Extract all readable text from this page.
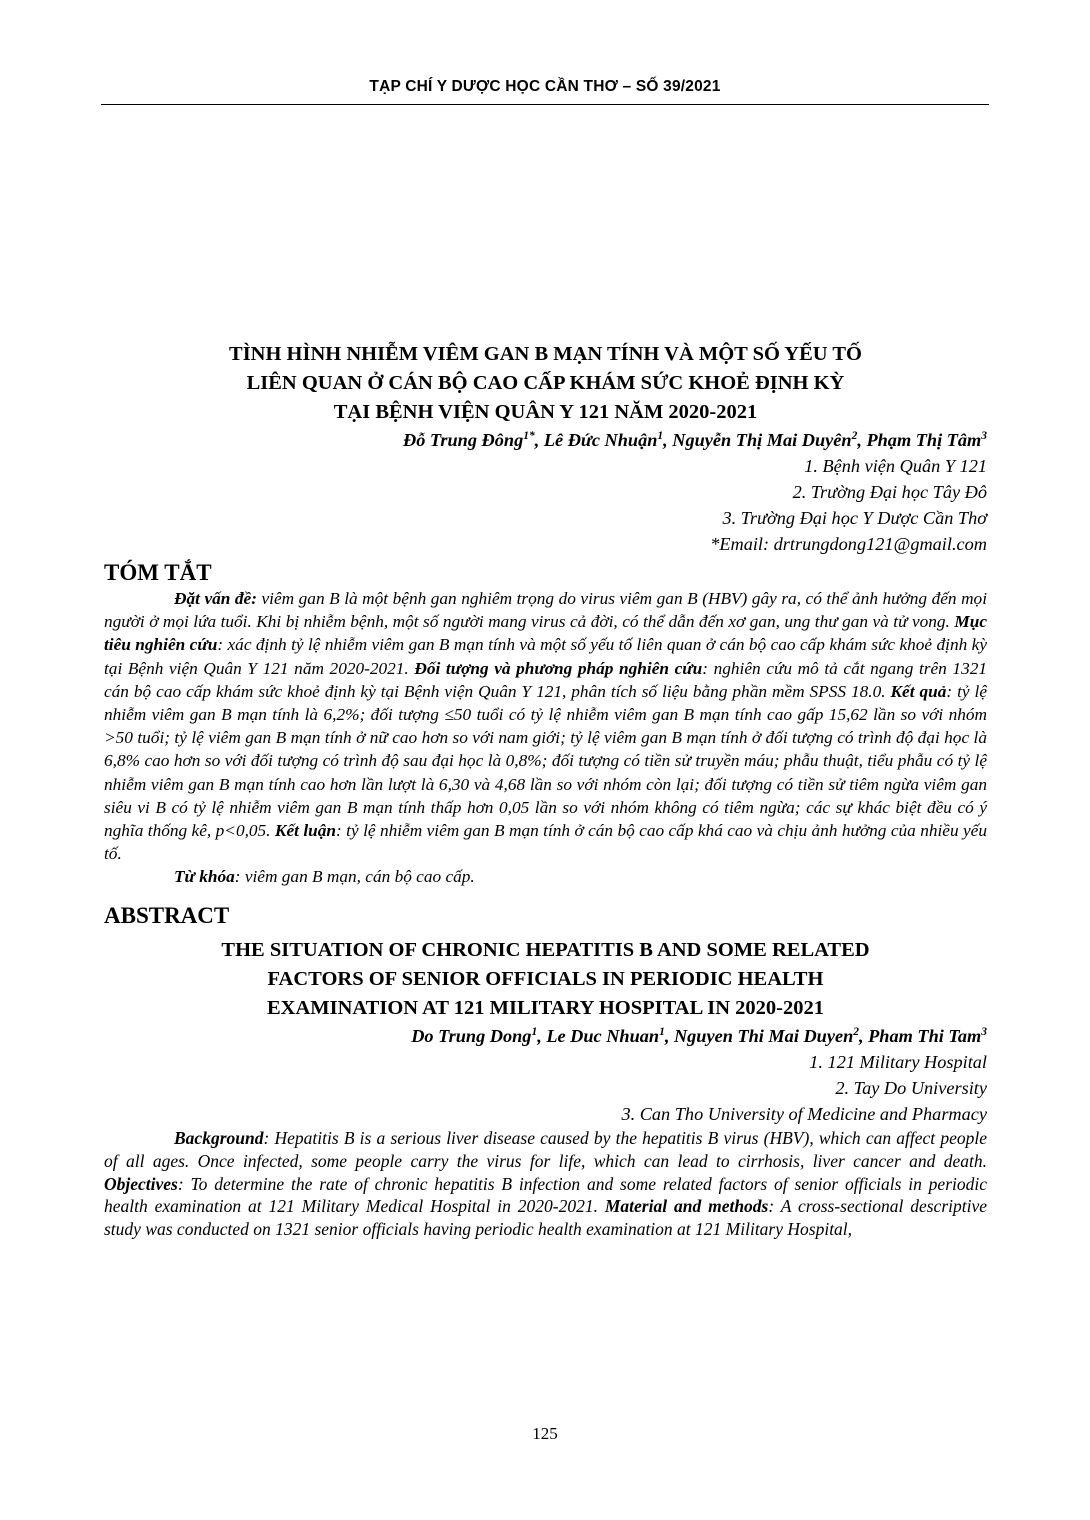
TẠP CHÍ Y DƯỢC HỌC CẦN THƠ – SỐ 39/2021
TÌNH HÌNH NHIỄM VIÊM GAN B MẠN TÍNH VÀ MỘT SỐ YẾU TỐ
LIÊN QUAN Ở CÁN BỘ CAO CẤP KHÁM SỨC KHOẺ ĐỊNH KỲ
TẠI BỆNH VIỆN QUÂN Y 121 NĂM 2020-2021
Đỗ Trung Đông$^{1*}$, Lê Đức Nhuận$^1$, Nguyễn Thị Mai Duyên$^2$, Phạm Thị Tâm$^3$
1. Bệnh viện Quân Y 121
2. Trường Đại học Tây Đô
3. Trường Đại học Y Dược Cần Thơ
*Email: drtrungdong121@gmail.com
TÓM TẮT

Đặt vấn đề: viêm gan B là một bệnh gan nghiêm trọng do virus viêm gan B (HBV) gây ra, có thể ảnh hưởng đến mọi người ở mọi lứa tuổi. Khi bị nhiễm bệnh, một số người mang virus cả đời, có thể dẫn đến xơ gan, ung thư gan và tử vong. Mục tiêu nghiên cứu: xác định tỷ lệ nhiễm viêm gan B mạn tính và một số yếu tố liên quan ở cán bộ cao cấp khám sức khoẻ định kỳ tại Bệnh viện Quân Y 121 năm 2020-2021. Đối tượng và phương pháp nghiên cứu: nghiên cứu mô tả cắt ngang trên 1321 cán bộ cao cấp khám sức khoẻ định kỳ tại Bệnh viện Quân Y 121, phân tích số liệu bằng phần mềm SPSS 18.0. Kết quả: tỷ lệ nhiễm viêm gan B mạn tính là 6,2%; đối tượng ≤50 tuổi có tỷ lệ nhiễm viêm gan B mạn tính cao gấp 15,62 lần so với nhóm >50 tuổi; tỷ lệ viêm gan B mạn tính ở nữ cao hơn so với nam giới; tỷ lệ viêm gan B mạn tính ở đối tượng có trình độ đại học là 6,8% cao hơn so với đối tượng có trình độ sau đại học là 0,8%; đối tượng có tiền sử truyền máu; phẫu thuật, tiểu phẫu có tỷ lệ nhiễm viêm gan B mạn tính cao hơn lần lượt là 6,30 và 4,68 lần so với nhóm còn lại; đối tượng có tiền sử tiêm ngừa viêm gan siêu vi B có tỷ lệ nhiễm viêm gan B mạn tính thấp hơn 0,05 lần so với nhóm không có tiêm ngừa; các sự khác biệt đều có ý nghĩa thống kê, p<0,05. Kết luận: tỷ lệ nhiễm viêm gan B mạn tính ở cán bộ cao cấp khá cao và chịu ảnh hưởng của nhiều yếu tố.

Từ khóa: viêm gan B mạn, cán bộ cao cấp.

ABSTRACT
THE SITUATION OF CHRONIC HEPATITIS B AND SOME RELATED
FACTORS OF SENIOR OFFICIALS IN PERIODIC HEALTH
EXAMINATION AT 121 MILITARY HOSPITAL IN 2020-2021
Do Trung Dong$^1$, Le Duc Nhuan$^1$, Nguyen Thi Mai Duyen$^2$, Pham Thi Tam$^3$
1. 121 Military Hospital
2. Tay Do University
3. Can Tho University of Medicine and Pharmacy

Background: Hepatitis B is a serious liver disease caused by the hepatitis B virus (HBV), which can affect people of all ages. Once infected, some people carry the virus for life, which can lead to cirrhosis, liver cancer and death. Objectives: To determine the rate of chronic hepatitis B infection and some related factors of senior officials in periodic health examination at 121 Military Medical Hospital in 2020-2021. Material and methods: A cross-sectional descriptive study was conducted on 1321 senior officials having periodic health examination at 121 Military Hospital,

125
